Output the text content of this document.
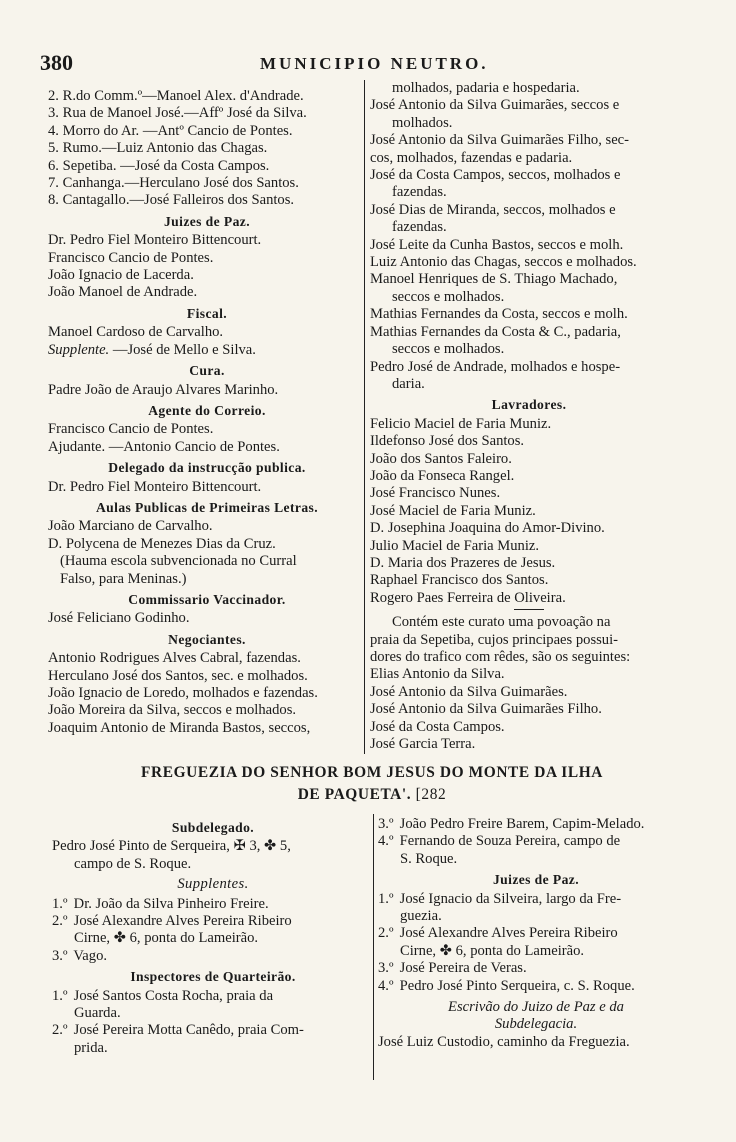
380	MUNICIPIO NEUTRO.
2. R.do Comm.º—Manoel Alex. d'Andrade.
3. Rua de Manoel José.—Affº José da Silva.
4. Morro do Ar. —Antº Cancio de Pontes.
5. Rumo.—Luiz Antonio das Chagas.
6. Sepetiba. —José da Costa Campos.
7. Canhanga.—Herculano José dos Santos.
8. Cantagallo.—José Falleiros dos Santos.
Juizes de Paz.
Dr. Pedro Fiel Monteiro Bittencourt.
Francisco Cancio de Pontes.
João Ignacio de Lacerda.
João Manoel de Andrade.
Fiscal.
Manoel Cardoso de Carvalho.
Supplente. —José de Mello e Silva.
Cura.
Padre João de Araujo Alvares Marinho.
Agente do Correio.
Francisco Cancio de Pontes.
Ajudante. —Antonio Cancio de Pontes.
Delegado da instrucção publica.
Dr. Pedro Fiel Monteiro Bittencourt.
Aulas Publicas de Primeiras Letras.
João Marciano de Carvalho.
D. Polycena de Menezes Dias da Cruz.
(Hauma escola subvencionada no Curral
Falso, para Meninas.)
Commissario Vaccinador.
José Feliciano Godinho.
Negociantes.
Antonio Rodrigues Alves Cabral, fazendas.
Herculano José dos Santos, sec. e molhados.
João Ignacio de Loredo, molhados e fazendas.
João Moreira da Silva, seccos e molhados.
Joaquim Antonio de Miranda Bastos, seccos,
molhados, padaria e hospedaria.
José Antonio da Silva Guimarães, seccos e
molhados.
José Antonio da Silva Guimarães Filho, sec-
cos, molhados, fazendas e padaria.
José da Costa Campos, seccos, molhados e
fazendas.
José Dias de Miranda, seccos, molhados e
fazendas.
José Leite da Cunha Bastos, seccos e molh.
Luiz Antonio das Chagas, seccos e molhados.
Manoel Henriques de S. Thiago Machado,
seccos e molhados.
Mathias Fernandes da Costa, seccos e molh.
Mathias Fernandes da Costa & C., padaria,
seccos e molhados.
Pedro José de Andrade, molhados e hospe-
daria.
Lavradores.
Felicio Maciel de Faria Muniz.
Ildefonso José dos Santos.
João dos Santos Faleiro.
João da Fonseca Rangel.
José Francisco Nunes.
José Maciel de Faria Muniz.
D. Josephina Joaquina do Amor-Divino.
Julio Maciel de Faria Muniz.
D. Maria dos Prazeres de Jesus.
Raphael Francisco dos Santos.
Rogero Paes Ferreira de Oliveira.
Contém este curato uma povoação na
praia da Sepetiba, cujos principaes possui-
dores do trafico com rêdes, são os seguintes:
Elias Antonio da Silva.
José Antonio da Silva Guimarães.
José Antonio da Silva Guimarães Filho.
José da Costa Campos.
José Garcia Terra.
FREGUEZIA DO SENHOR BOM JESUS DO MONTE DA ILHA
DE PAQUETA'. [282
Subdelegado.
Pedro José Pinto de Serqueira, ✠ 3, ✤ 5,
campo de S. Roque.
Supplentes.
1.º Dr. João da Silva Pinheiro Freire.
2.º José Alexandre Alves Pereira Ribeiro
Cirne, ✤ 6, ponta do Lameirão.
3.º Vago.
Inspectores de Quarteirão.
1.º José Santos Costa Rocha, praia da
Guarda.
2.º José Pereira Motta Canêdo, praia Com-
prida.
3.º João Pedro Freire Barem, Capim-Melado.
4.º Fernando de Souza Pereira, campo de
S. Roque.
Juizes de Paz.
1.º José Ignacio da Silveira, largo da Fre-
guezia.
2.º José Alexandre Alves Pereira Ribeiro
Cirne, ✤ 6, ponta do Lameirão.
3.º José Pereira de Veras.
4.º Pedro José Pinto Serqueira, c. S. Roque.
Escrivão do Juizo de Paz e da
Subdelegacia.
José Luiz Custodio, caminho da Freguezia.
